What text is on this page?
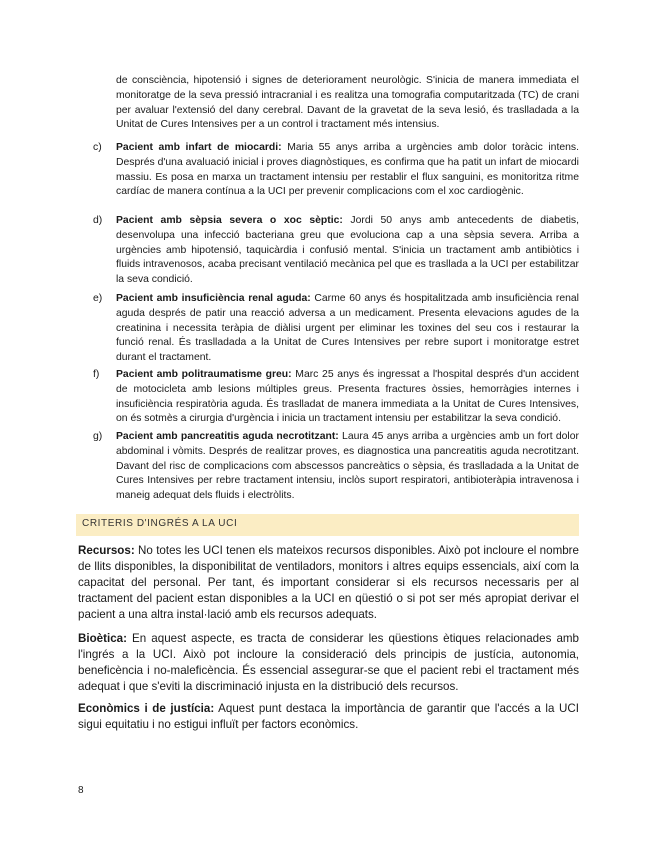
de consciència, hipotensió i signes de deteriorament neurològic. S'inicia de manera immediata el monitoratge de la seva pressió intracranial i es realitza una tomografia computaritzada (TC) de crani per avaluar l'extensió del dany cerebral. Davant de la gravetat de la seva lesió, és traslladada a la Unitat de Cures Intensives per a un control i tractament més intensius.

c)	Pacient amb infart de miocardi: Maria 55 anys arriba a urgències amb dolor toràcic intens. Després d'una avaluació inicial i proves diagnòstiques, es confirma que ha patit un infart de miocardi massiu. Es posa en marxa un tractament intensiu per restablir el flux sanguini, es monitoritza ritme cardíac de manera contínua a la UCI per prevenir complicacions com el xoc cardiogènic.

d)	Pacient amb sèpsia severa o xoc sèptic: Jordi 50 anys amb antecedents de diabetis, desenvolupa una infecció bacteriana greu que evoluciona cap a una sèpsia severa. Arriba a urgències amb hipotensió, taquicàrdia i confusió mental. S'inicia un tractament amb antibiòtics i fluids intravenosos, acaba precisant ventilació mecànica pel que es trasllada a la UCI per estabilitzar la seva condició.

e)	Pacient amb insuficiència renal aguda: Carme 60 anys és hospitalitzada amb insuficiència renal aguda després de patir una reacció adversa a un medicament. Presenta elevacions agudes de la creatinina i necessita teràpia de diàlisi urgent per eliminar les toxines del seu cos i restaurar la funció renal. És traslladada a la Unitat de Cures Intensives per rebre suport i monitoratge estret durant el tractament.

f)	Pacient amb politraumatisme greu: Marc 25 anys és ingressat a l'hospital després d'un accident de motocicleta amb lesions múltiples greus. Presenta fractures òssies, hemorràgies internes i insuficiència respiratòria aguda. És traslladat de manera immediata a la Unitat de Cures Intensives, on és sotmès a cirurgia d'urgència i inicia un tractament intensiu per estabilitzar la seva condició.

g)	Pacient amb pancreatitis aguda necrotitzant: Laura 45 anys arriba a urgències amb un fort dolor abdominal i vòmits. Després de realitzar proves, es diagnostica una pancreatitis aguda necrotitzant. Davant del risc de complicacions com abscessos pancreàtics o sèpsia, és traslladada a la Unitat de Cures Intensives per rebre tractament intensiu, inclòs suport respiratori, antibioteràpia intravenosa i maneig adequat dels fluids i electròlits.

CRITERIS D'INGRÉS A LA UCI

Recursos: No totes les UCI tenen els mateixos recursos disponibles. Això pot incloure el nombre de llits disponibles, la disponibilitat de ventiladors, monitors i altres equips essencials, així com la capacitat del personal. Per tant, és important considerar si els recursos necessaris per al tractament del pacient estan disponibles a la UCI en qüestió o si pot ser més apropiat derivar el pacient a una altra instal·lació amb els recursos adequats.

Bioètica: En aquest aspecte, es tracta de considerar les qüestions ètiques relacionades amb l'ingrés a la UCI. Això pot incloure la consideració dels principis de justícia, autonomia, beneficència i no-maleficència. És essencial assegurar-se que el pacient rebi el tractament més adequat i que s'eviti la discriminació injusta en la distribució dels recursos.

Econòmics i de justícia: Aquest punt destaca la importància de garantir que l'accés a la UCI sigui equitatiu i no estigui influït per factors econòmics.

8
